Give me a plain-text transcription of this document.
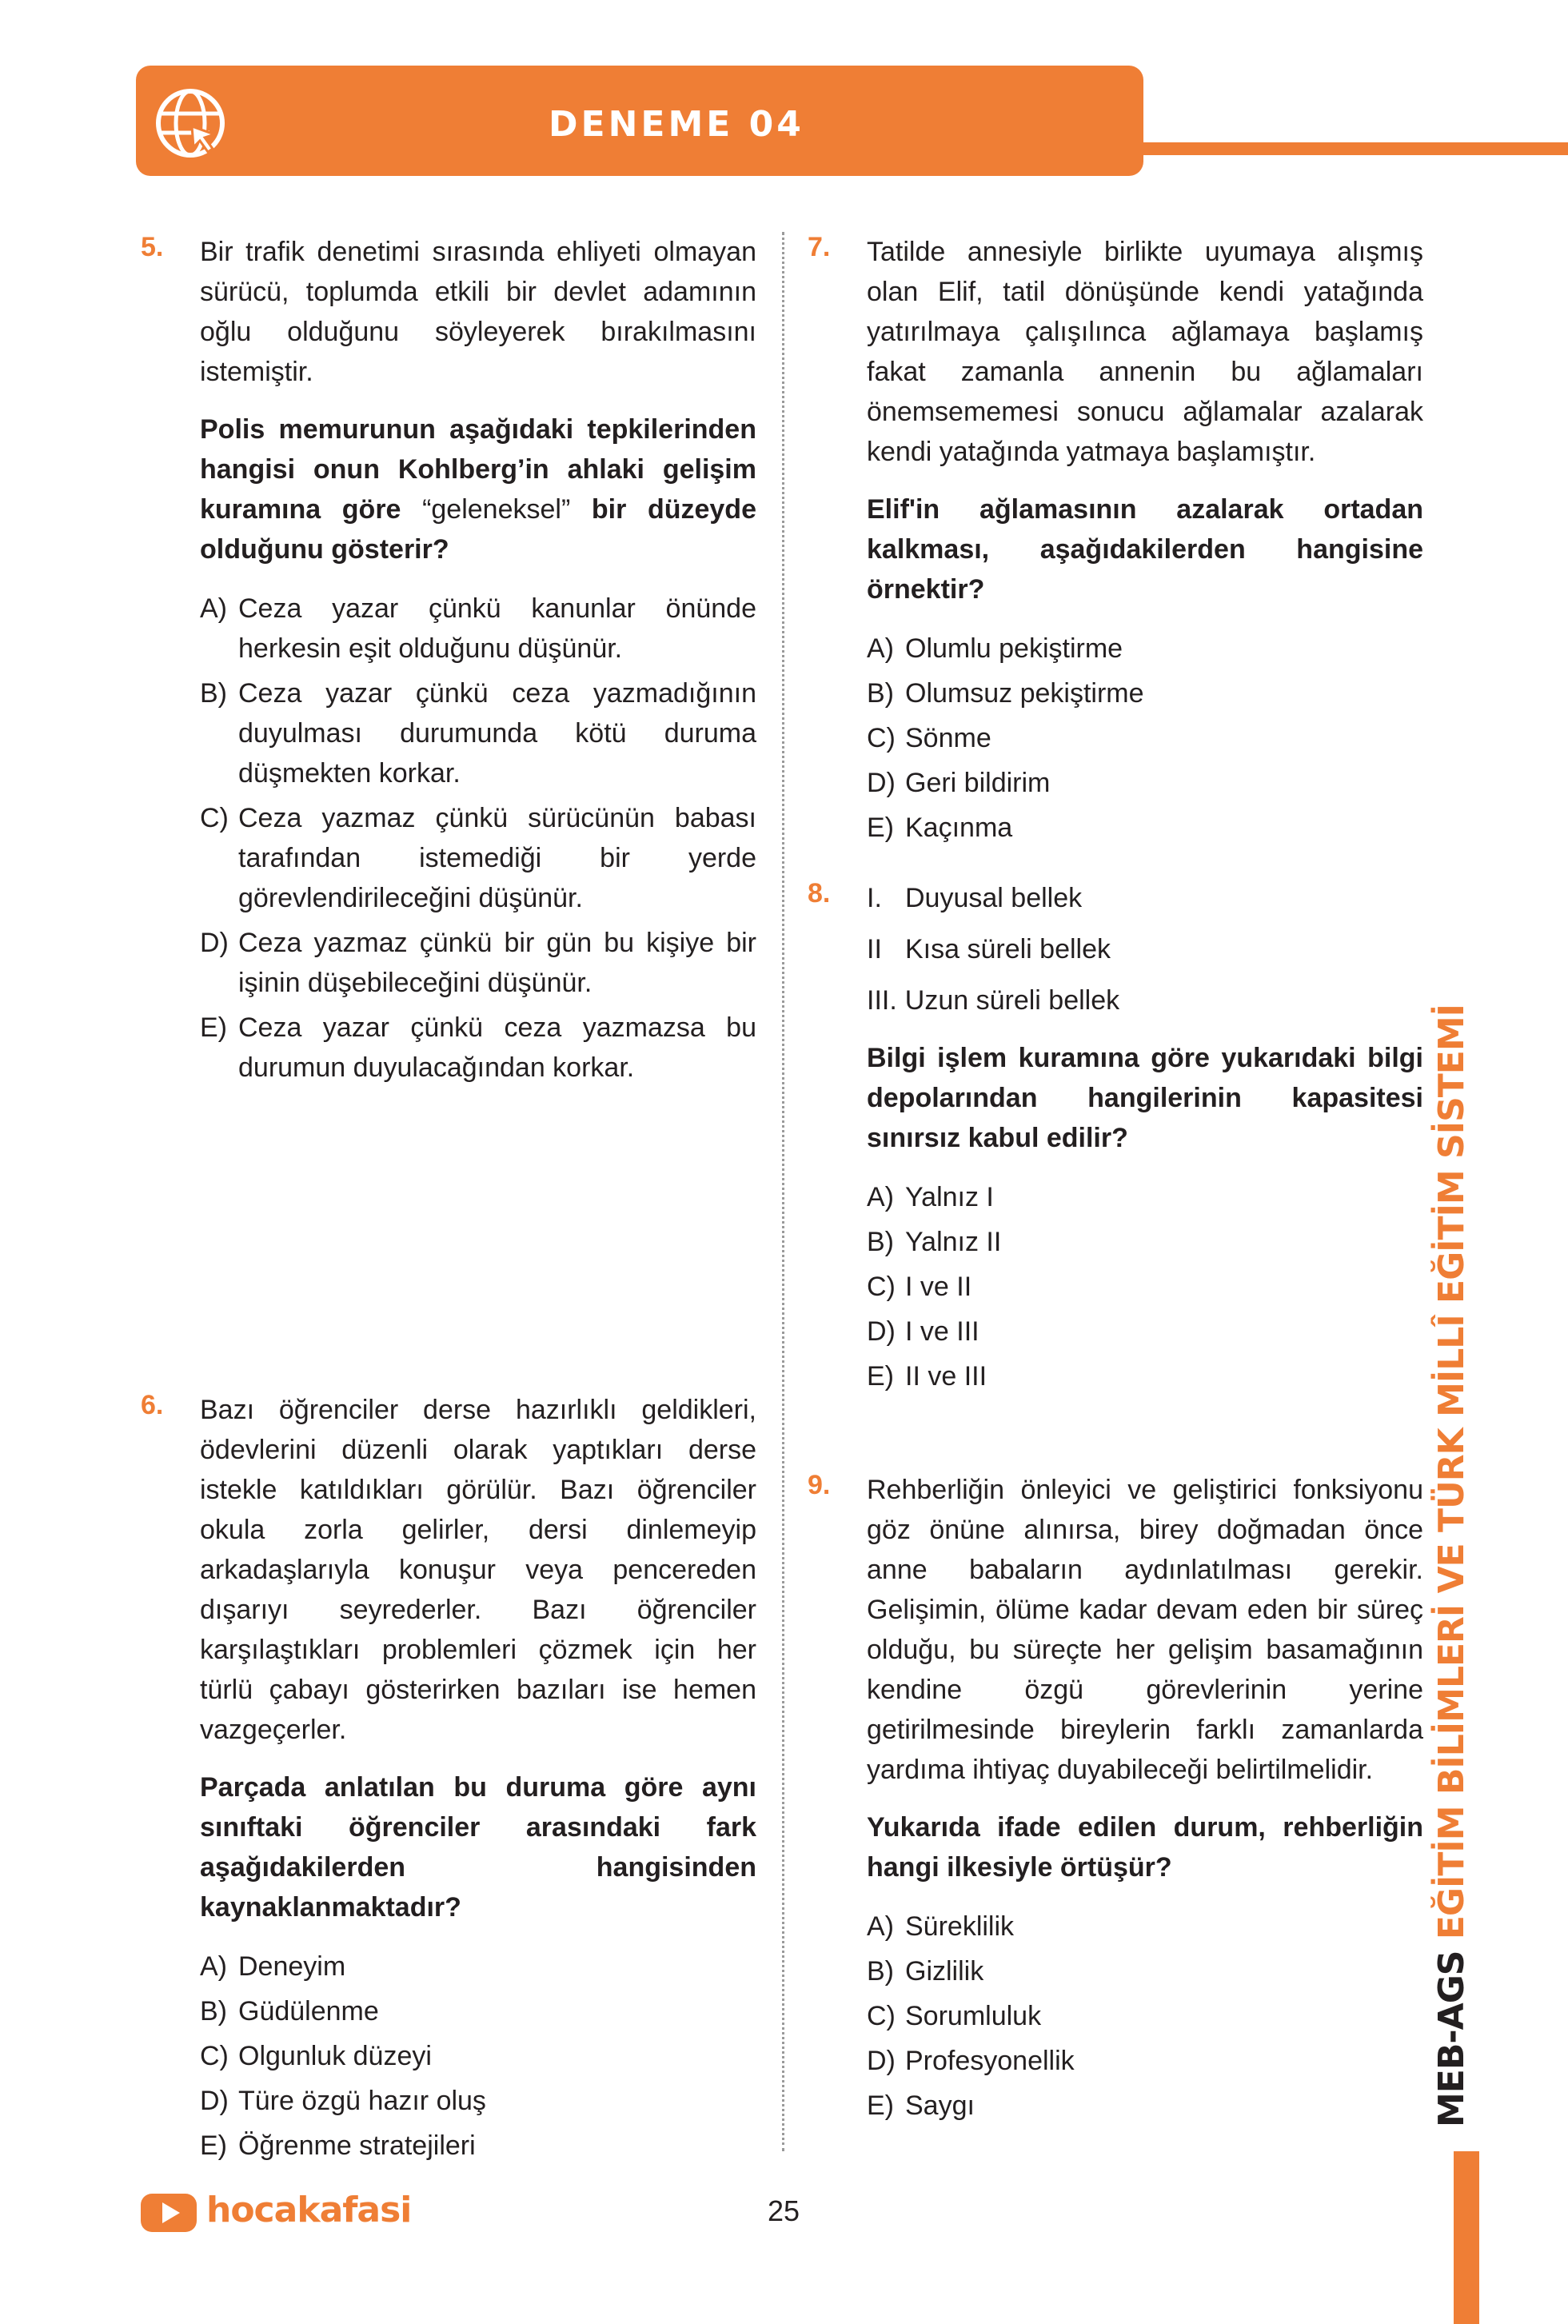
DENEME 04
5. Bir trafik denetimi sırasında ehliyeti olmayan sürücü, toplumda etkili bir devlet adamının oğlu olduğunu söyleyerek bırakılmasını istemiştir.

Polis memurunun aşağıdaki tepkilerinden hangisi onun Kohlberg’in ahlaki gelişim kuramına göre “geleneksel” bir düzeyde olduğunu gösterir?

A) Ceza yazar çünkü kanunlar önünde herkesin eşit olduğunu düşünür.
B) Ceza yazar çünkü ceza yazmadığının duyulması durumunda kötü duruma düşmekten korkar.
C) Ceza yazmaz çünkü sürücünün babası tarafından istemediği bir yerde görevlendirileceğini düşünür.
D) Ceza yazmaz çünkü bir gün bu kişiye bir işinin düşebileceğini düşünür.
E) Ceza yazar çünkü ceza yazmazsa bu durumun duyulacağından korkar.
6. Bazı öğrenciler derse hazırlıklı geldikleri, ödevlerini düzenli olarak yaptıkları derse istekle katıldıkları görülür. Bazı öğrenciler okula zorla gelirler, dersi dinlemeyip arkadaşlarıyla konuşur veya pencereden dışarıyı seyrederler. Bazı öğrenciler karşılaştıkları problemleri çözmek için her türlü çabayı gösterirken bazıları ise hemen vazgeçerler.

Parçada anlatılan bu duruma göre aynı sınıftaki öğrenciler arasındaki fark aşağıdakilerden hangisinden kaynaklanmaktadır?

A) Deneyim
B) Güdülenme
C) Olgunluk düzeyi
D) Türe özgü hazır oluş
E) Öğrenme stratejileri
7. Tatilde annesiyle birlikte uyumaya alışmış olan Elif, tatil dönüşünde kendi yatağında yatırılmaya çalışılınca ağlamaya başlamış fakat zamanla annenin bu ağlamaları önemsememesi sonucu ağlamalar azalarak kendi yatağında yatmaya başlamıştır.

Elif'in ağlamasının azalarak ortadan kalkması, aşağıdakilerden hangisine örnektir?

A) Olumlu pekiştirme
B) Olumsuz pekiştirme
C) Sönme
D) Geri bildirim
E) Kaçınma
8. I. Duyusal bellek
II Kısa süreli bellek
III. Uzun süreli bellek

Bilgi işlem kuramına göre yukarıdaki bilgi depolarından hangilerinin kapasitesi sınırsız kabul edilir?

A) Yalnız I
B) Yalnız II
C) I ve II
D) I ve III
E) II ve III
9. Rehberliğin önleyici ve geliştirici fonksiyonu göz önüne alınırsa, birey doğmadan önce anne babaların aydınlatılması gerekir. Gelişimin, ölüme kadar devam eden bir süreç olduğu, bu süreçte her gelişim basamağının kendine özgü görevlerinin yerine getirilmesinde bireylerin farklı zamanlarda yardıma ihtiyaç duyabileceği belirtilmelidir.

Yukarıda ifade edilen durum, rehberliğin hangi ilkesiyle örtüşür?

A) Süreklilik
B) Gizlilik
C) Sorumluluk
D) Profesyonellik
E) Saygı	MEB-AGS EĞİTİM BİLİMLERİ VE TÜRK MİLLÎ EĞİTİM SİSTEMİ
hocakafasi	25
